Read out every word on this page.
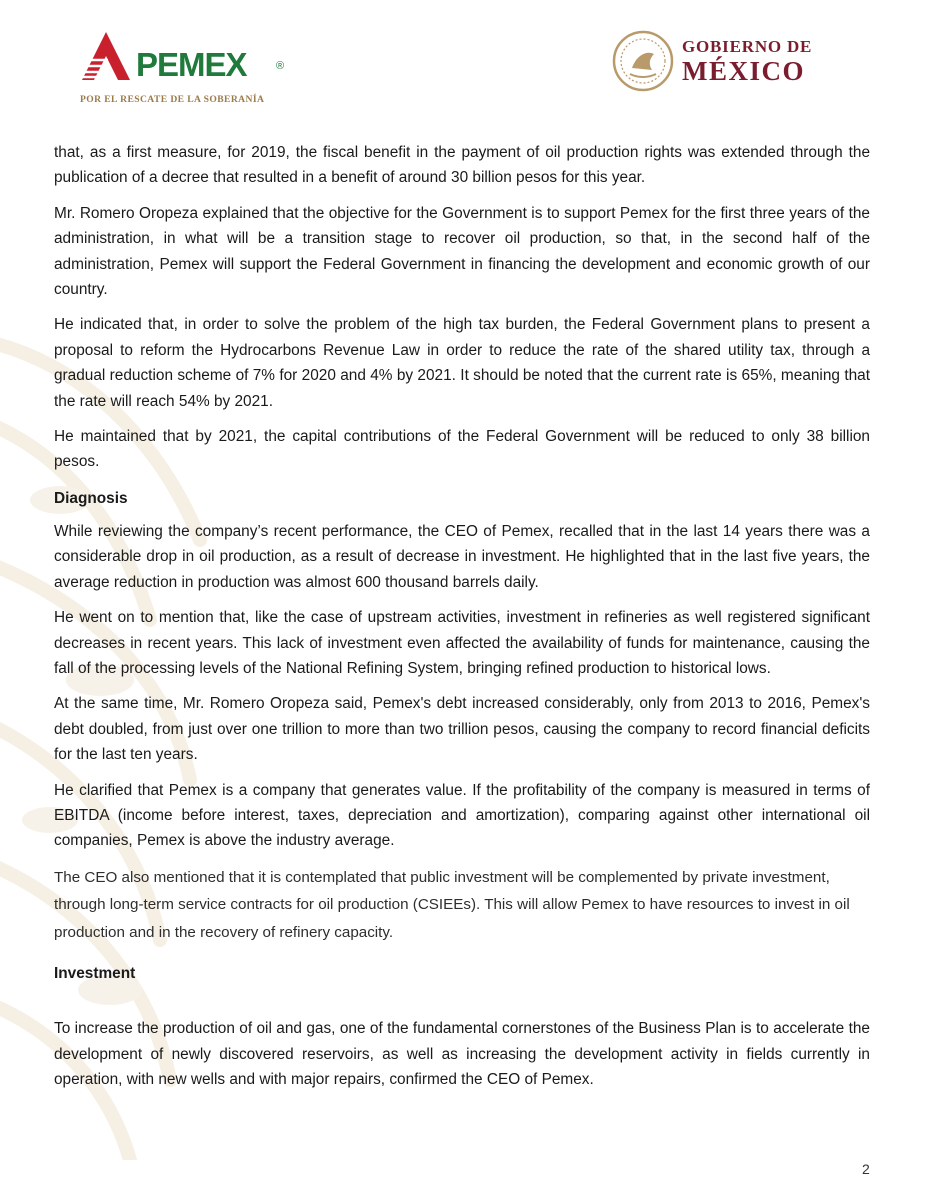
PEMEX	®
POR EL RESCATE DE LA SOBERANÍA
GOBIERNO DE
MÉXICO

that, as a first measure, for 2019, the fiscal benefit in the payment of oil production rights was extended through the publication of a decree that resulted in a benefit of around 30 billion pesos for this year.

Mr. Romero Oropeza explained that the objective for the Government is to support Pemex for the first three years of the administration, in what will be a transition stage to recover oil production, so that, in the second half of the administration, Pemex will support the Federal Government in financing the development and economic growth of our country.

He indicated that, in order to solve the problem of the high tax burden, the Federal Government plans to present a proposal to reform the Hydrocarbons Revenue Law in order to reduce the rate of the shared utility tax, through a gradual reduction scheme of 7% for 2020 and 4% by 2021. It should be noted that the current rate is 65%, meaning that the rate will reach 54% by 2021.

He maintained that by 2021, the capital contributions of the Federal Government will be reduced to only 38 billion pesos.

Diagnosis

While reviewing the company’s recent performance, the CEO of Pemex, recalled that in the last 14 years there was a considerable drop in oil production, as a result of decrease in investment. He highlighted that in the last five years, the average reduction in production was almost 600 thousand barrels daily.

He went on to mention that, like the case of upstream activities, investment in refineries as well registered significant decreases in recent years. This lack of investment even affected the availability of funds for maintenance, causing the fall of the processing levels of the National Refining System, bringing refined production to historical lows.

At the same time, Mr. Romero Oropeza said, Pemex's debt increased considerably, only from 2013 to 2016, Pemex's debt doubled, from just over one trillion to more than two trillion pesos, causing the company to record financial deficits for the last ten years.

He clarified that Pemex is a company that generates value. If the profitability of the company is measured in terms of EBITDA (income before interest, taxes, depreciation and amortization), comparing against other international oil companies, Pemex is above the industry average.

The CEO also mentioned that it is contemplated that public investment will be complemented by private investment, through long-term service contracts for oil production (CSIEEs). This will allow Pemex to have resources to invest in oil production and in the recovery of refinery capacity.

Investment

To increase the production of oil and gas, one of the fundamental cornerstones of the Business Plan is to accelerate the development of newly discovered reservoirs, as well as increasing the development activity in fields currently in operation, with new wells and with major repairs, confirmed the CEO of Pemex.

2
